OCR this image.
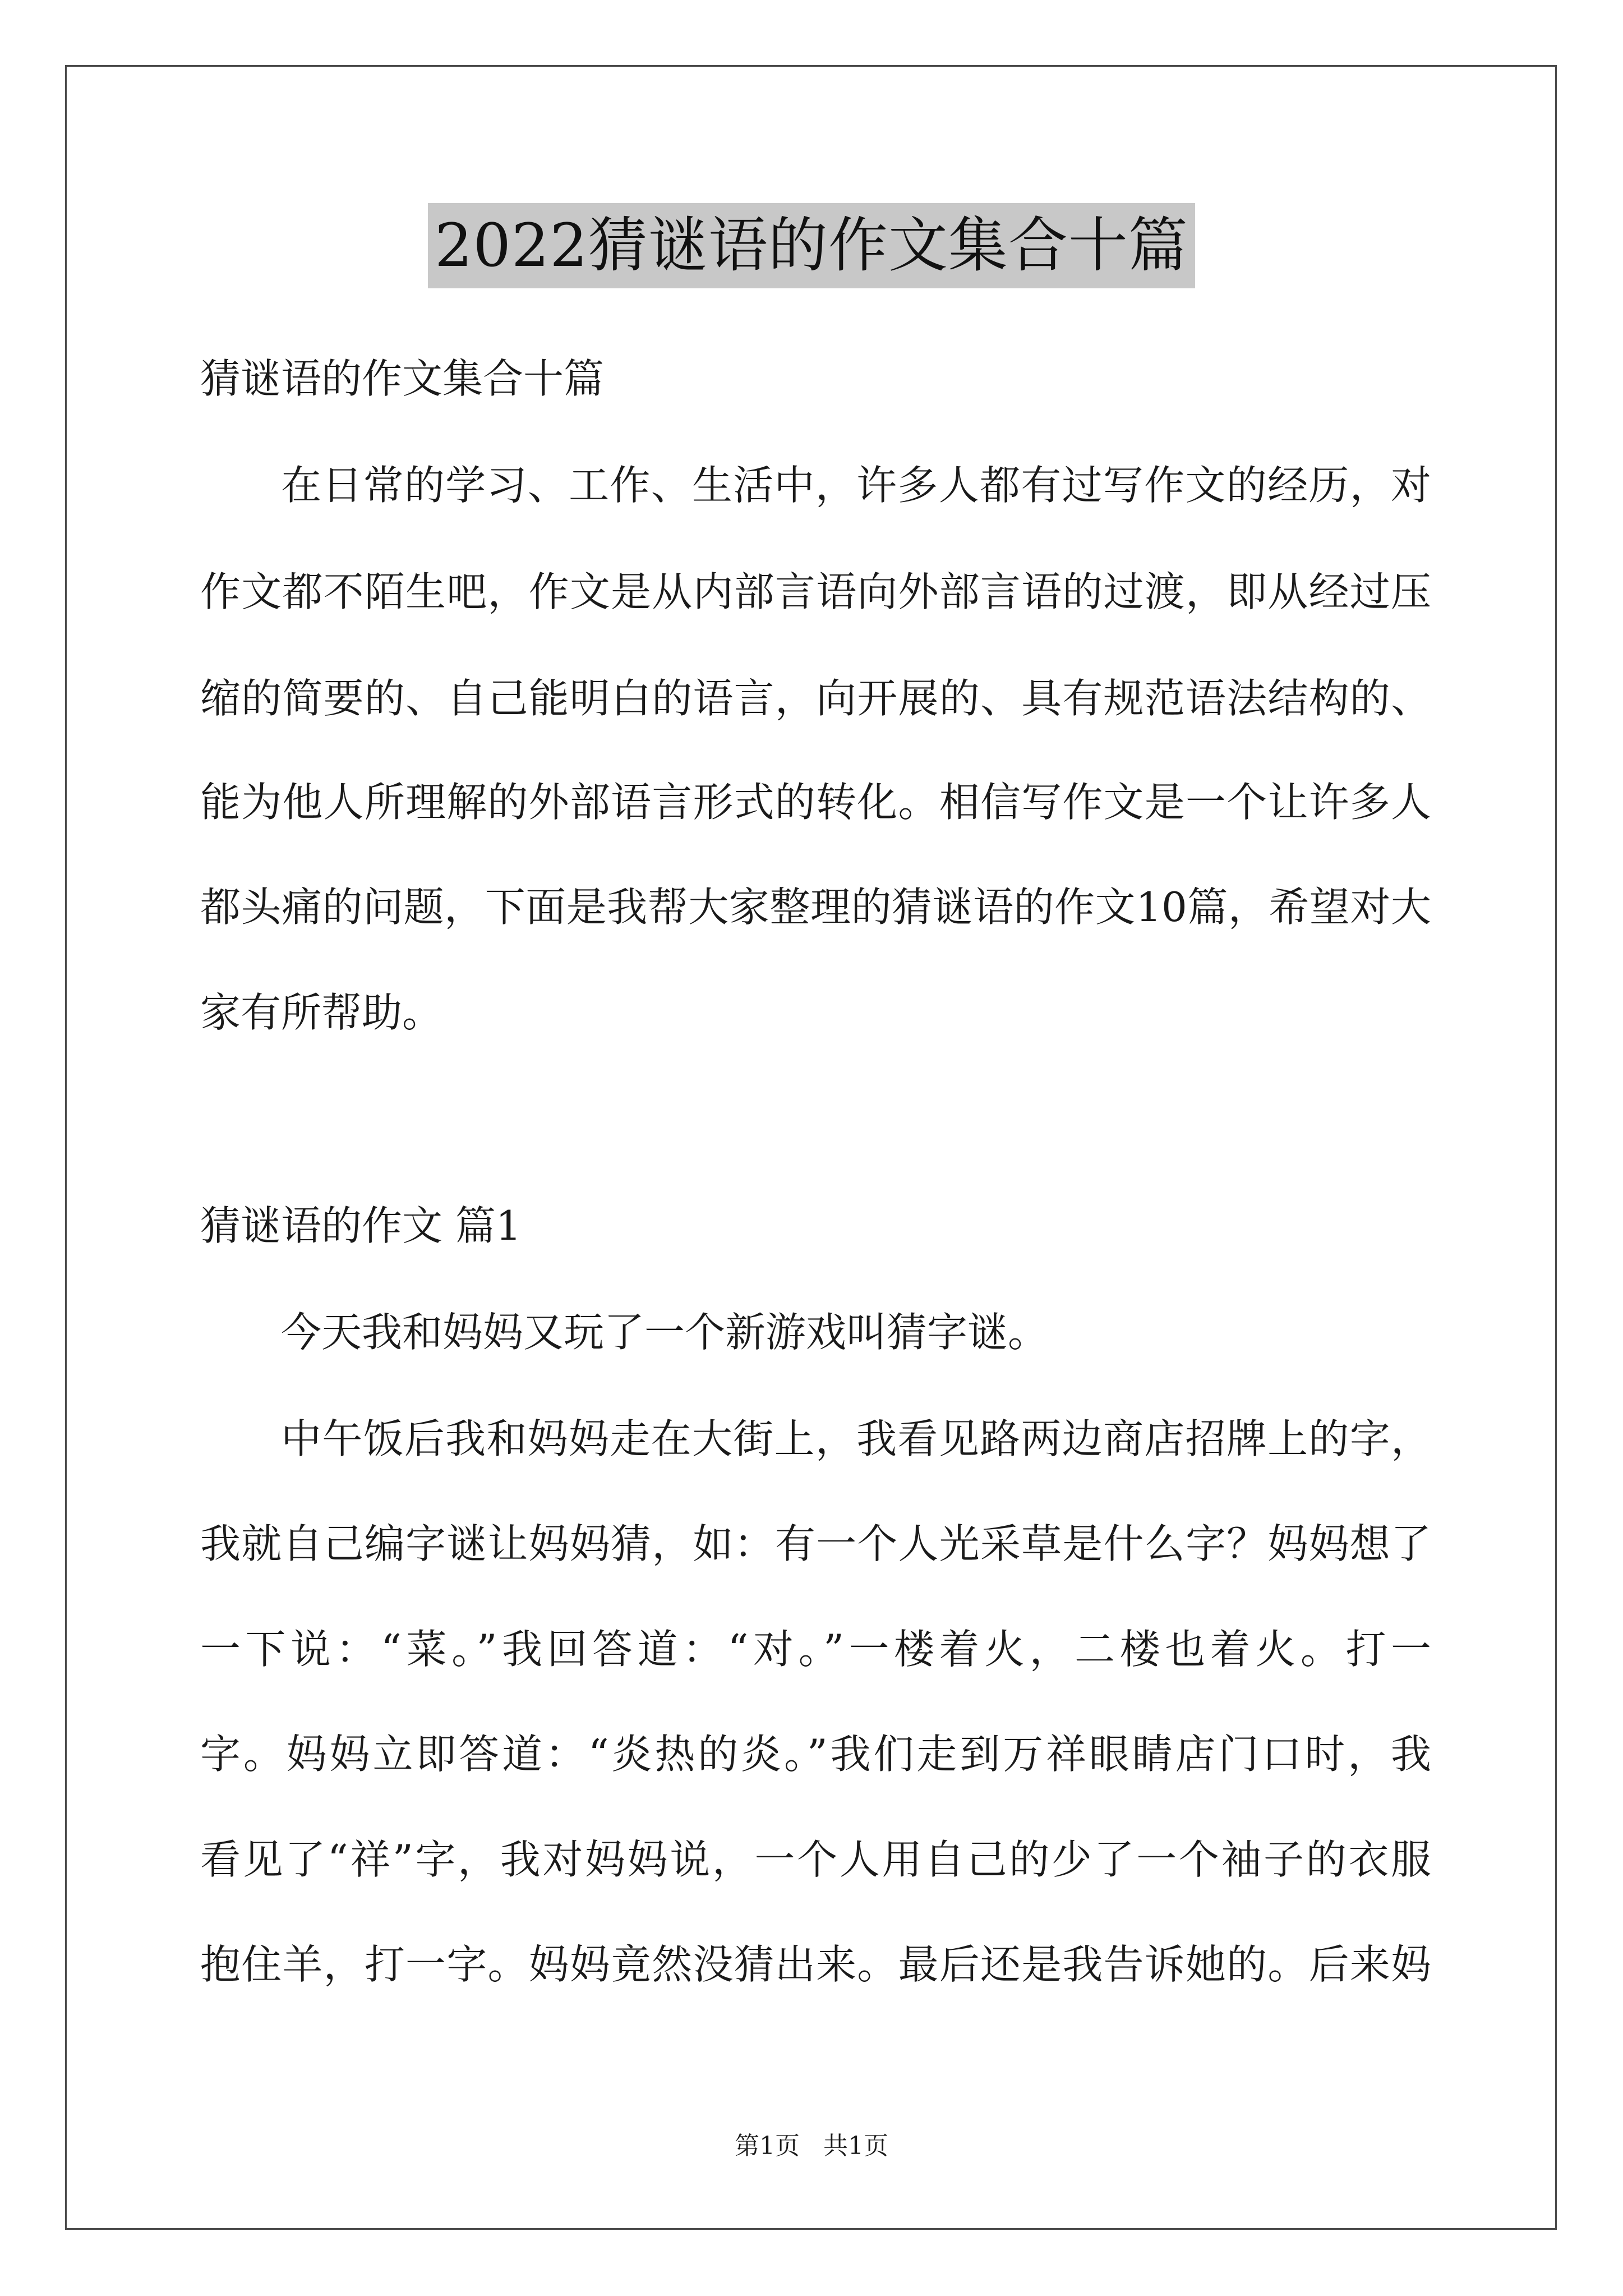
2022猜谜语的作文集合十篇
猜谜语的作文集合十篇
在日常的学习、工作、生活中，许多人都有过写作文的经历，对
作文都不陌生吧，作文是从内部言语向外部言语的过渡，即从经过压
缩的简要的、自己能明白的语言，向开展的、具有规范语法结构的、
能为他人所理解的外部语言形式的转化。相信写作文是一个让许多人
都头痛的问题，下面是我帮大家整理的猜谜语的作文10篇，希望对大
家有所帮助。
猜谜语的作文 篇1
今天我和妈妈又玩了一个新游戏叫猜字谜。
中午饭后我和妈妈走在大街上，我看见路两边商店招牌上的字，
我就自己编字谜让妈妈猜，如：有一个人光采草是什么字？妈妈想了
一下说：“菜。”我回答道：“对。”一楼着火，二楼也着火。打一
字。妈妈立即答道：“炎热的炎。”我们走到万祥眼睛店门口时，我
看见了“祥”字，我对妈妈说，一个人用自己的少了一个袖子的衣服
抱住羊，打一字。妈妈竟然没猜出来。最后还是我告诉她的。后来妈
第1页 共1页
